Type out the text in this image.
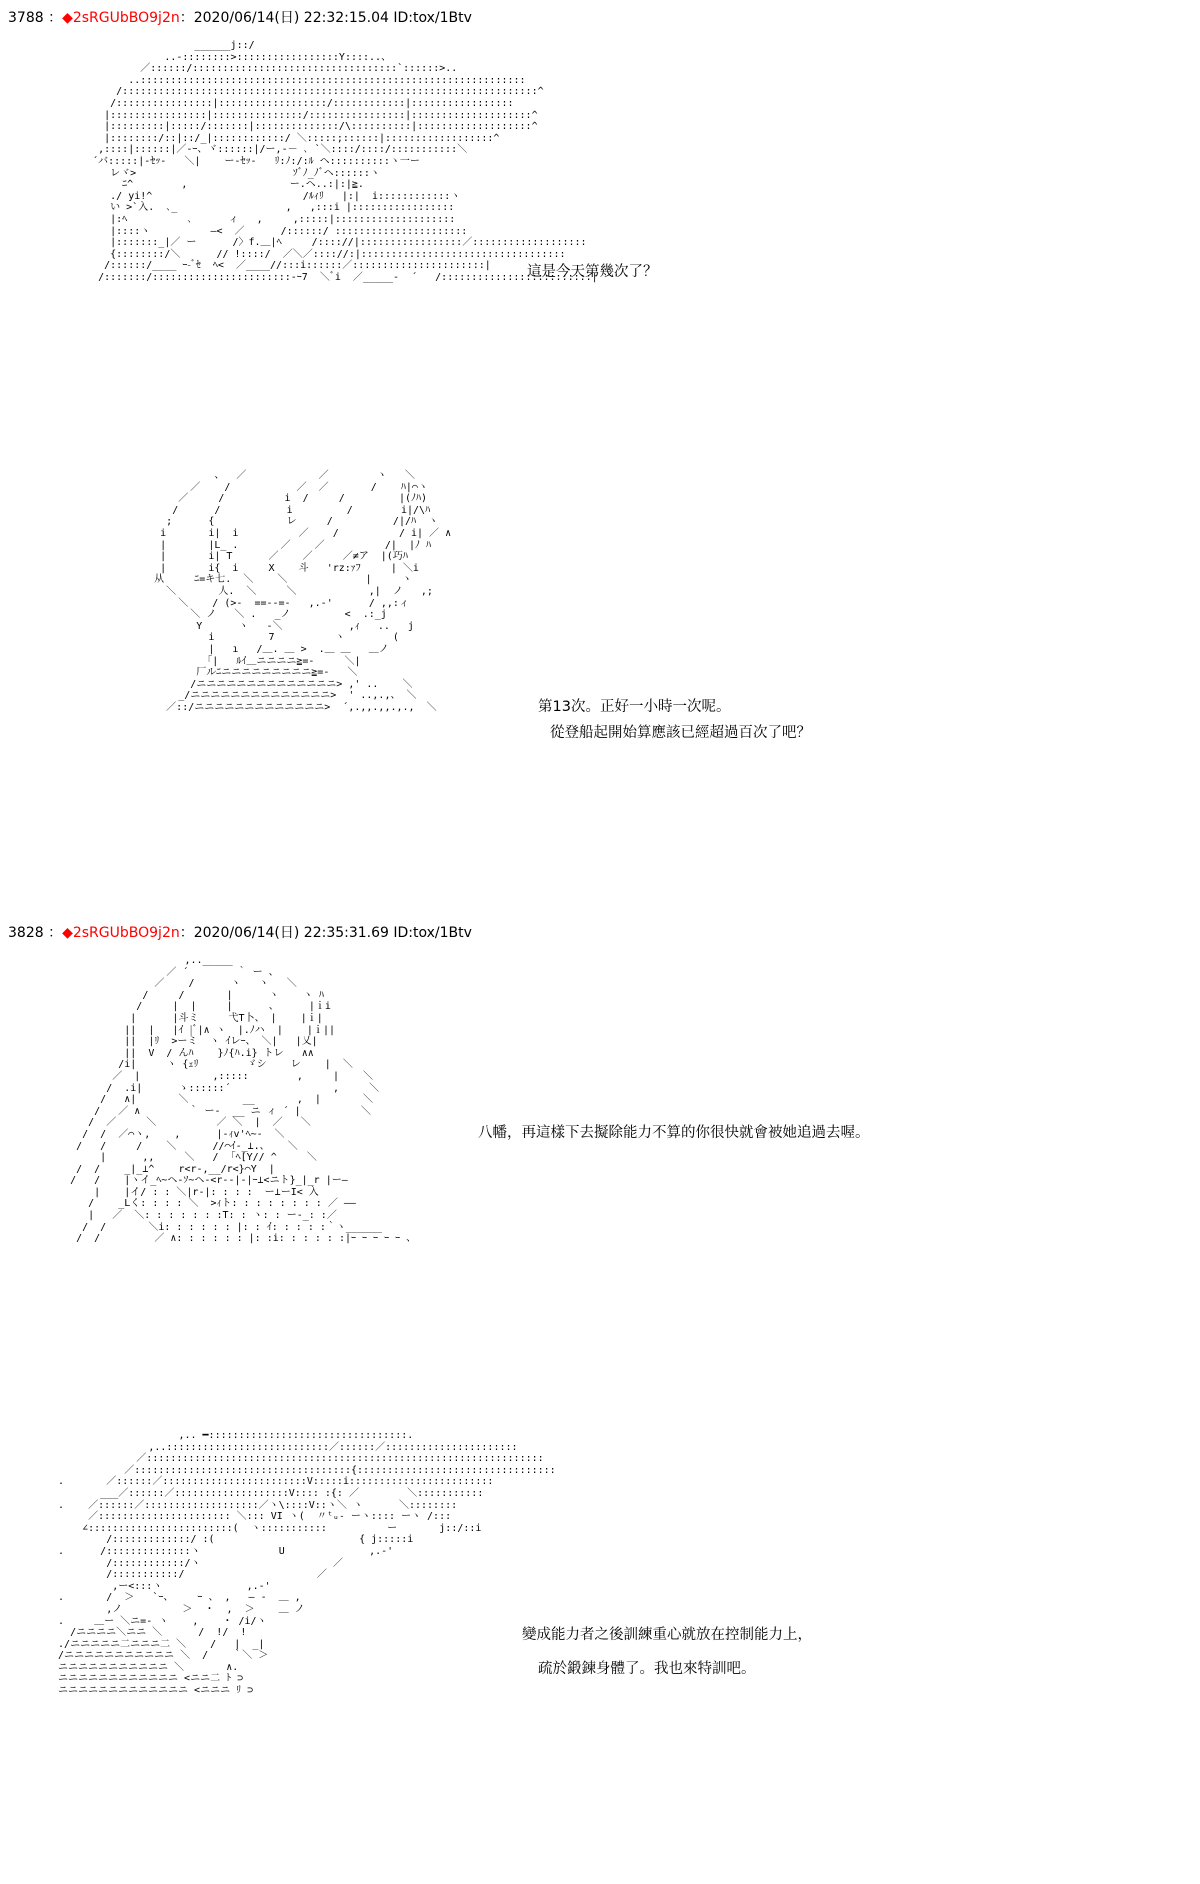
3788 ：◆2sRGUbBO9j2n：2020/06/14(日) 22:32:15.04 ID:tox/1Btv
______j::/
..-::::::::>:::::::::::::::::Y::::..、
／::::::/::::::::::::::::::::::::::::::::::`::::::>..
..::::::::::::::::::::::::::::::::::::::::::::::::::::::::::::::::
/:::::::::::::::::::::::::::::::::::::::::::::::::::::::::::::::::::::^
/::::::::::::::::|::::::::::::::::::/::::::::::::|:::::::::::::::::
|::::::::::::::::|:::::::::::::::/::::::::::::::::|::::::::::::::::::::^
|:::::::::|:::::/:::::::|::::::::::::::/\::::::::::|:::::::::::::::::::^
|::::::::/::|::/_|::::::::::::/ ＼:::::;::::::|::::::::::::::::::^
,::::|::::::|／-ｰ、ヾ::::::|/ー,-－ ､ `＼::::/::::/:::::::::::＼
´バ:::::|-ｾｯ-   ＼|    ー‐ｾｯ-   ﾘ:ﾉ:/:ﾙ ヘ::::::::::ヽ一ー
レヾ>                          ｿﾞﾉ_ﾉﾞヘ::::::ヽ
ﾆ^        ,                 ー.ヘ..:|:|≧.
./ yi!^                         /ﾙｨﾘ   |:|  i::::::::::::ヽ
い >`入.  ､_                  ,   ,:::i |:::::::::::::::::
|:ﾍ          ､      ィ   ,     ,:::::|::::::::::::::::::::
|::::ヽ          ―<  ／      /::::::/ ::::::::::::::::::::::
|:::::::_|／ ー      /〉f.＿|ﾍ     /:::://|:::::::::::::::::／:::::::::::::::::::
{::::::::/＼      // !::::/  ／＼／:::://:|::::::::::::::::::::::::::::::::::
/::::::/____ ｰ-ﾞｾ  ﾍ<  ／____//:::i::::::／::::::::::::::::::::::|
/:::::::/:::::::::::::::::::::::-ｰ7  ＼ﾞi  ／_____-  ´   /:::::::::::::::::::::::::|
這是今天第幾次了？
、  ／            ／        ヽ   ＼
／    /           ／  ／       /    ﾊ|⌒ヽ
／     /          i  /     /         |(ﾉﾊ)
/      /           i         /        i|/\ﾊ
;      {            レ     /          /|/ﾊ  ヽ
i       i|  i          ／    /          / i| ／ ∧
|       |L_ .       ／    ／          /|  |ﾉ ﾊ
|       i| T      ／    ／     ／≠ア  |(巧ﾊ
|       i{  i     X    斗   'rz:ｧﾌ     | ＼i
从     ﾆ=キ七.  ＼    ＼             |     ヽ
＼       人.  ＼     ＼            ,|  ノ   ,;
＼    / (>-  ==--=-   ,.-'      / ,,:ィ
＼ ノ   ＼ .   _ノ         <  .:_j
Y      ヽ   -＼           ,ｨ   ..   j
i         7          ヽ        (
|   ı   /＿. ＿ >  .＿ ＿   ＿ノ
「|   ﾙｲ＿ニニニニ≧=-     ＼|
厂ルﾆニニニニニニニニニ≧=-   ＼
/ニニニニニニニニニニニニニニ> ,' ..    ＼
_/ニニニニニニニニニニニニニニ>  ' ..,.,、 ＼
／::/ニニニニニニニニニニニニニ>  ´,.,,.,,.,.,  ＼	第13次。正好一小時一次呢。
從登船起開始算應該已經超過百次了吧？
3828 ：◆2sRGUbBO9j2n：2020/06/14(日) 22:35:31.69 ID:tox/1Btv
,.._____
／ ´        ｀ ー 、
／    /      ヽ   ヽ   ＼
/     /       |      ヽ    ヽ ﾊ
/     |  |     |      、     |ｉi
|      |斗ミ     弋T卜、 |    |ｉ|
||  |   |ｲ |ﾞ|∧ ヽ  |.ﾉハ  |    |ｉ||
||  |ﾘ  >ーミ  ヽ ｲレｰ、 ＼|   |乂|
||  V  / んﾊ    }ﾉ{ﾊ.i} トレ   ∧∧
/i|     ヽ {ｪﾘ        ゞシ    レ    |  ＼
／  |            ,:::::        ,     |    ＼
/  .i|      ゝ::::::´                 ,     ＼
/   ∧|       ＼         __       ,  |       ＼
/   ／ ∧        ｀ ー-  __ ニ ィ ´ |          ＼
/  ／     ＼          ／ ＼  |  ／   ＼
/  /  ／⌒ヽ,    ,      |-ｨv'ﾍ~-  ＼
/   /     /    ＼      //⌒ｲ-_⊥.、   ＼
|      ,,     ＼   /  ｢ﾍ[Y// ^     ＼
/  /    _|_⊥^    r<r-,__/r<}⌒Y  |
/   /    |ヽイ_ﾍ~ヘ-ｿ~ヘ-<r--|-|ｰ⊥<ニト}_|_r |ー―
|    |イ/ : : ＼|r-|: : : :  ー⊥ーI< 入
/    _Lく: : : : ＼  >ｨト: : : : : : : : ／ ――
|   ／  ＼: : : : : : :T: : ヽ: : ー-_: :／
/  /       ＼i: : : : : : |: : ｲ: : : : :｀ヽ______
/  /         ／ ∧: : : : : : |: :i: : : : : :|ｰ ｰ ｰ ｰ ｰ 、
八幡，再這樣下去擬除能力不算的你很快就會被她追過去喔。
,.. ━:::::::::::::::::::::::::::::::::.
,..:::::::::::::::::::::::::::／::::::／::::::::::::::::::::::
／::::::::::::::::::::::::::::::::::::::::::::::::::::::::::::::::::
／::::::::::::::::::::::::::::::::::::{:::::::::::::::::::::::::::::::::
.       ／::::::／::::::::::::::::::::::::V:::::i::::::::::::::::::::::::
___／::::::／:::::::::::::::::::V:::: :{: ／        ＼:::::::::::
.    ／::::::／:::::::::::::::::::／ヽ\::::V::ヽ＼ ヽ      ＼::::::::
／:::::::::::::::::::::: ＼::: VI ヽ(  〃ᵗᵤ˗ ーヽ:::: ーヽ /:::
∠::::::::::::::::::::::::(  ヽ:::::::::::          ー       j::/::i
/:::::::::::::/ :(                        { j:::::i
.      /::::::::::::::ヽ             U              ,.-'
/::::::::::::/ヽ                      ／
/:::::::::::/                      ／
,ー<:::ヽ              ,.-'
.       /  ＞   `ｰ、    ｰ 、 ,   ― -  ＿ ,
,ノ          ＞  ・  ,  ＞    ＿ ノ
.     ＿ー ＼ニ=- ヽ    ,    ・ /i/ヽ
/ニニニニ＼ニニ ＼      /  !/  !
./ニニニニニ二ニニニ二 ＼    /   |  _|
/ニニニニニニニニニニニ ＼  /    ｀＼ ＞
ニニニニニニニニニニニ ＼       ∧.
ニニニニニニニニニニニニ <ニニ二 ﾄ ⊃
ニニニニニニニニニニニニニ <ニニニ ﾘ ⊃
變成能力者之後訓練重心就放在控制能力上，
疏於鍛鍊身體了。我也來特訓吧。
